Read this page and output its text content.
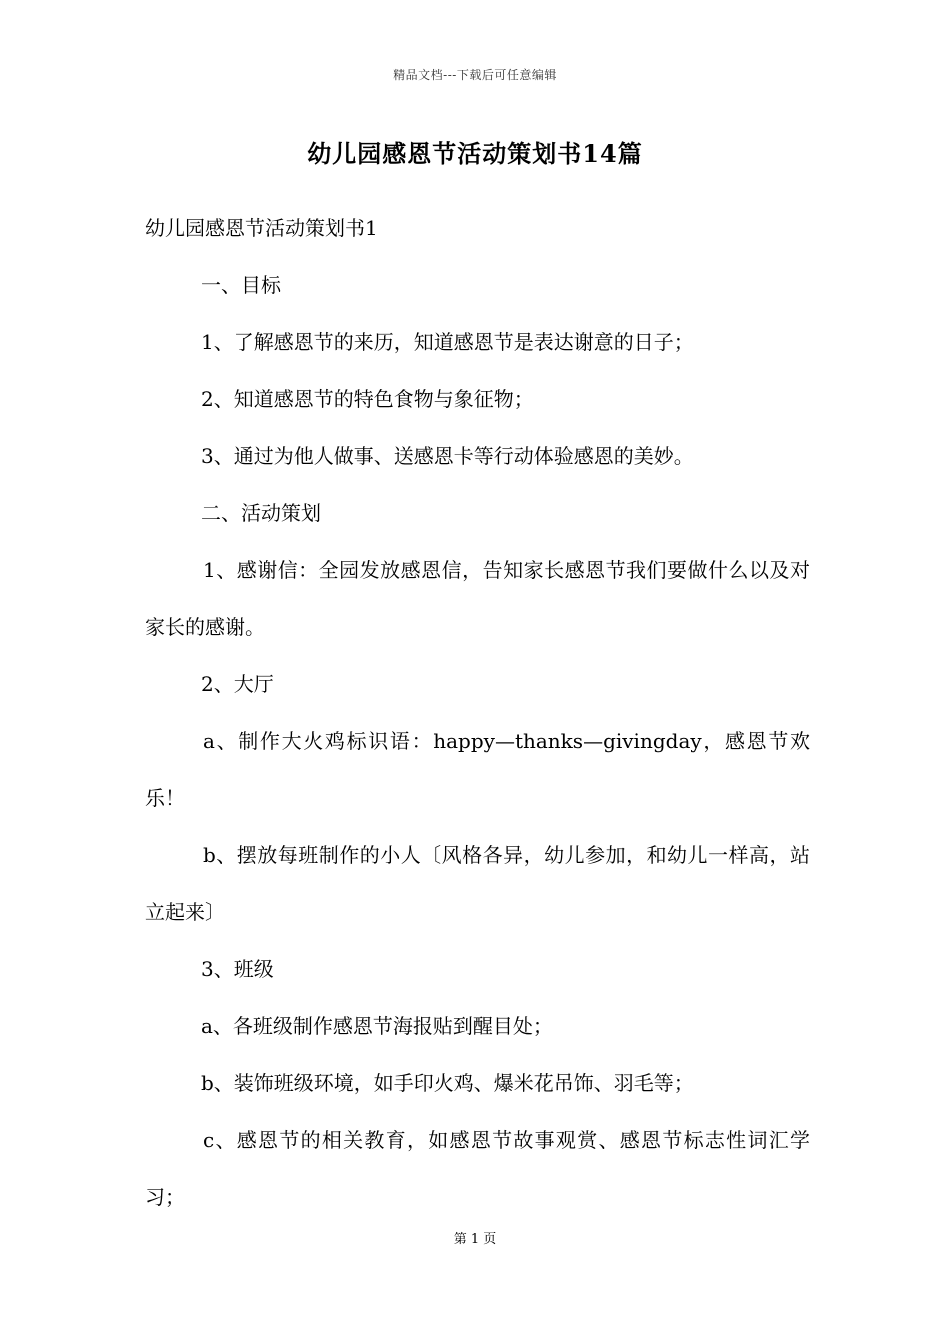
精品文档---下载后可任意编辑
幼儿园感恩节活动策划书14篇

幼儿园感恩节活动策划书1

一、目标

1、了解感恩节的来历，知道感恩节是表达谢意的日子；

2、知道感恩节的特色食物与象征物；

3、通过为他人做事、送感恩卡等行动体验感恩的美妙。

二、活动策划

1、感谢信：全园发放感恩信，告知家长感恩节我们要做什么以及对家长的感谢。

2、大厅

a、制作大火鸡标识语：happy—thanks—givingday，感恩节欢乐！

b、摆放每班制作的小人〔风格各异，幼儿参加，和幼儿一样高，站立起来〕

3、班级

a、各班级制作感恩节海报贴到醒目处；

b、装饰班级环境，如手印火鸡、爆米花吊饰、羽毛等；

c、感恩节的相关教育，如感恩节故事观赏、感恩节标志性词汇学习；

第 1 页
